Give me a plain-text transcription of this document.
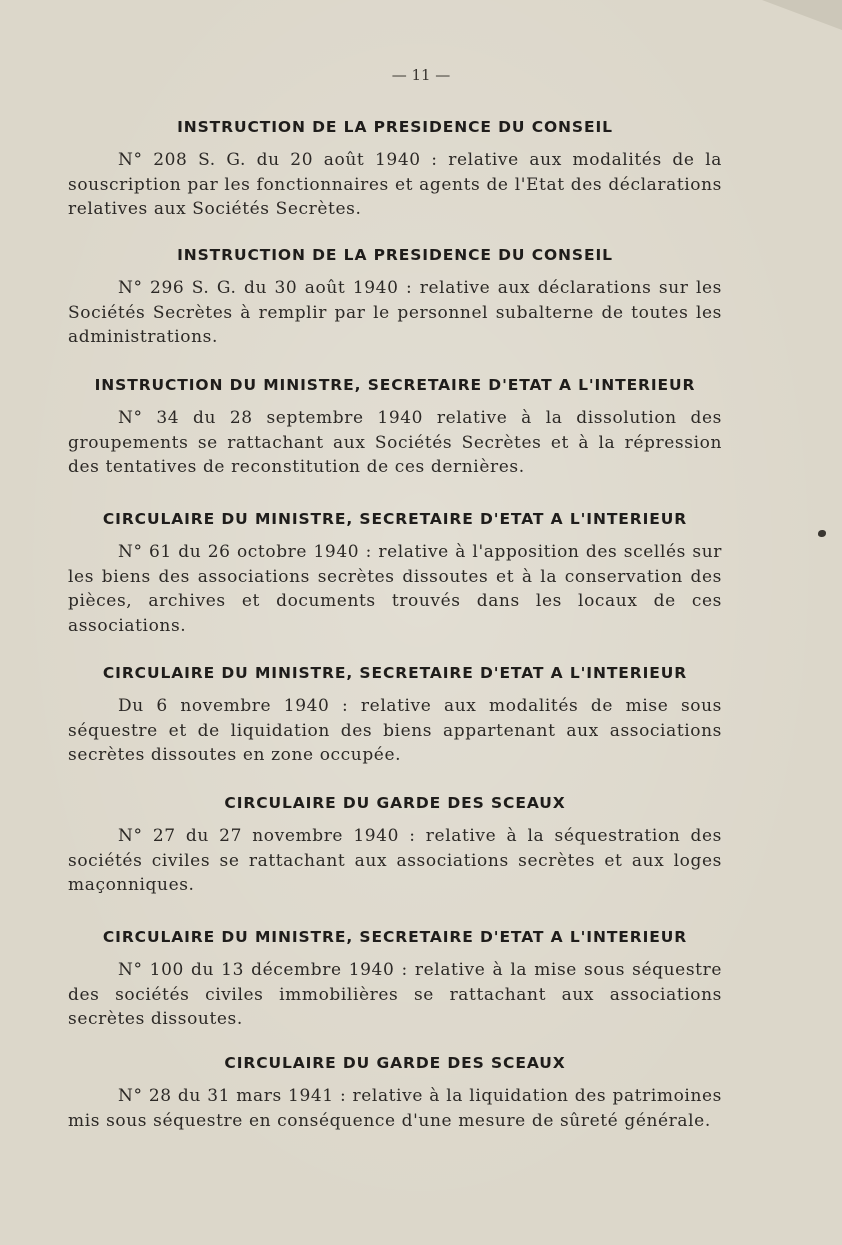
— 11 —
INSTRUCTION DE LA PRESIDENCE DU CONSEIL

N° 208 S. G. du 20 août 1940 : relative aux modalités de la souscription par les fonctionnaires et agents de l'Etat des déclarations relatives aux Sociétés Secrètes.

INSTRUCTION DE LA PRESIDENCE DU CONSEIL

N° 296 S. G. du 30 août 1940 : relative aux déclarations sur les Sociétés Secrètes à remplir par le personnel subalterne de toutes les administrations.

INSTRUCTION DU MINISTRE, SECRETAIRE D'ETAT A L'INTERIEUR

N° 34 du 28 septembre 1940 relative à la dissolution des groupements se rattachant aux Sociétés Secrètes et à la répression des tentatives de reconstitution de ces dernières.

CIRCULAIRE DU MINISTRE, SECRETAIRE D'ETAT A L'INTERIEUR

N° 61 du 26 octobre 1940 : relative à l'apposition des scellés sur les biens des associations secrètes dissoutes et à la conservation des pièces, archives et documents trouvés dans les locaux de ces associations.

CIRCULAIRE DU MINISTRE, SECRETAIRE D'ETAT A L'INTERIEUR

Du 6 novembre 1940 : relative aux modalités de mise sous séquestre et de liquidation des biens appartenant aux associations secrètes dissoutes en zone occupée.

CIRCULAIRE DU GARDE DES SCEAUX

N° 27 du 27 novembre 1940 : relative à la séquestration des sociétés civiles se rattachant aux associations secrètes et aux loges maçonniques.

CIRCULAIRE DU MINISTRE, SECRETAIRE D'ETAT A L'INTERIEUR

N° 100 du 13 décembre 1940 : relative à la mise sous séquestre des sociétés civiles immobilières se rattachant aux associations secrètes dissoutes.

CIRCULAIRE DU GARDE DES SCEAUX

N° 28 du 31 mars 1941 : relative à la liquidation des patrimoines mis sous séquestre en conséquence d'une mesure de sûreté générale.
